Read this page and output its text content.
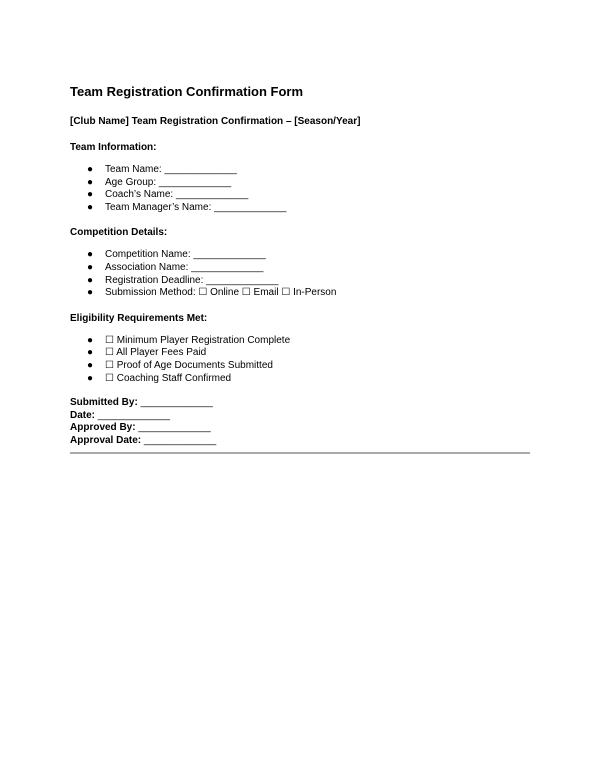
Team Registration Confirmation Form
[Club Name] Team Registration Confirmation – [Season/Year]
Team Information:
● Team Name: _____________
● Age Group: _____________
● Coach’s Name: _____________
● Team Manager’s Name: _____________
Competition Details:
● Competition Name: _____________
● Association Name: _____________
● Registration Deadline: _____________
● Submission Method: ☐ Online ☐ Email ☐ In-Person
Eligibility Requirements Met:
● ☐ Minimum Player Registration Complete
● ☐ All Player Fees Paid
● ☐ Proof of Age Documents Submitted
● ☐ Coaching Staff Confirmed
Submitted By: _____________
Date: _____________
Approved By: _____________
Approval Date: _____________
